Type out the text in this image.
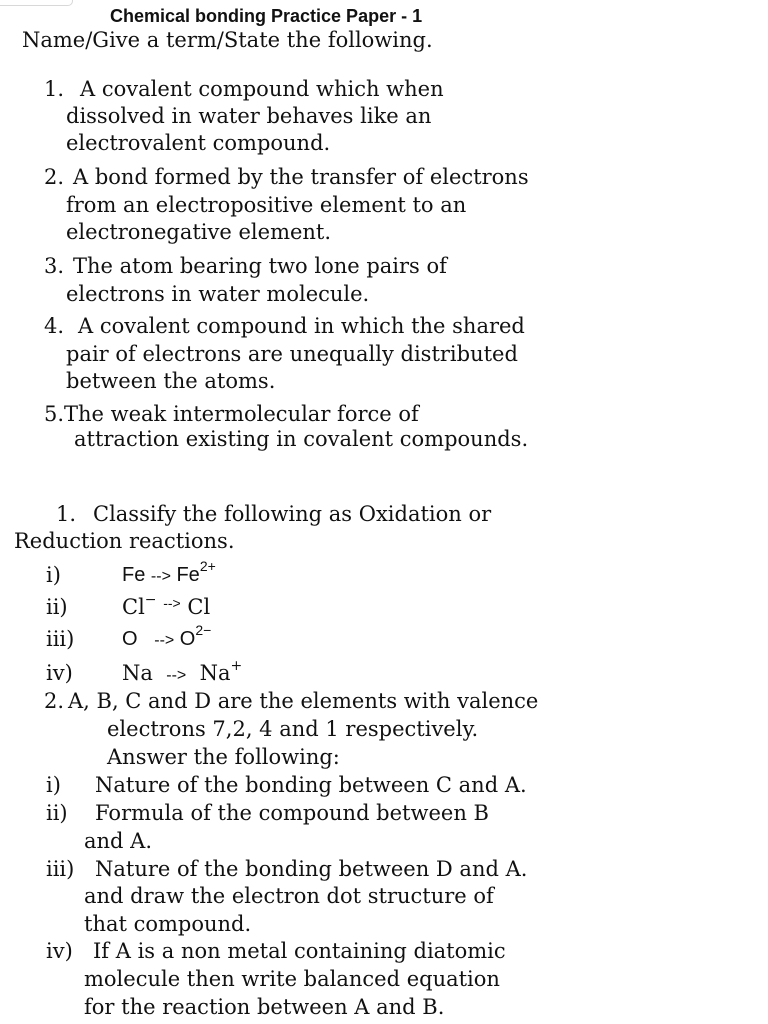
Chemical bonding Practice Paper - 1
Name/Give a term/State the following.
1. A covalent compound which when
dissolved in water behaves like an
electrovalent compound.
2. A bond formed by the transfer of electrons
from an electropositive element to an
electronegative element.
3. The atom bearing two lone pairs of
electrons in water molecule.
4. A covalent compound in which the shared
pair of electrons are unequally distributed
between the atoms.
5. The weak intermolecular force of
attraction existing in covalent compounds.
1. Classify the following as Oxidation or
Reduction reactions.
i)	Fe --> $Fe^{2+}$
ii)	Cl− --> Cl
iii) O --> $O^{2-}$
iv) Na --> Na+
2. A, B, C and D are the elements with valence
electrons 7,2, 4 and 1 respectively.
Answer the following:
i) Nature of the bonding between C and A.
ii) Formula of the compound between B
and A.
iii) Nature of the bonding between D and A.
and draw the electron dot structure of
that compound.
iv) If A is a non metal containing diatomic
molecule then write balanced equation
for the reaction between A and B.
